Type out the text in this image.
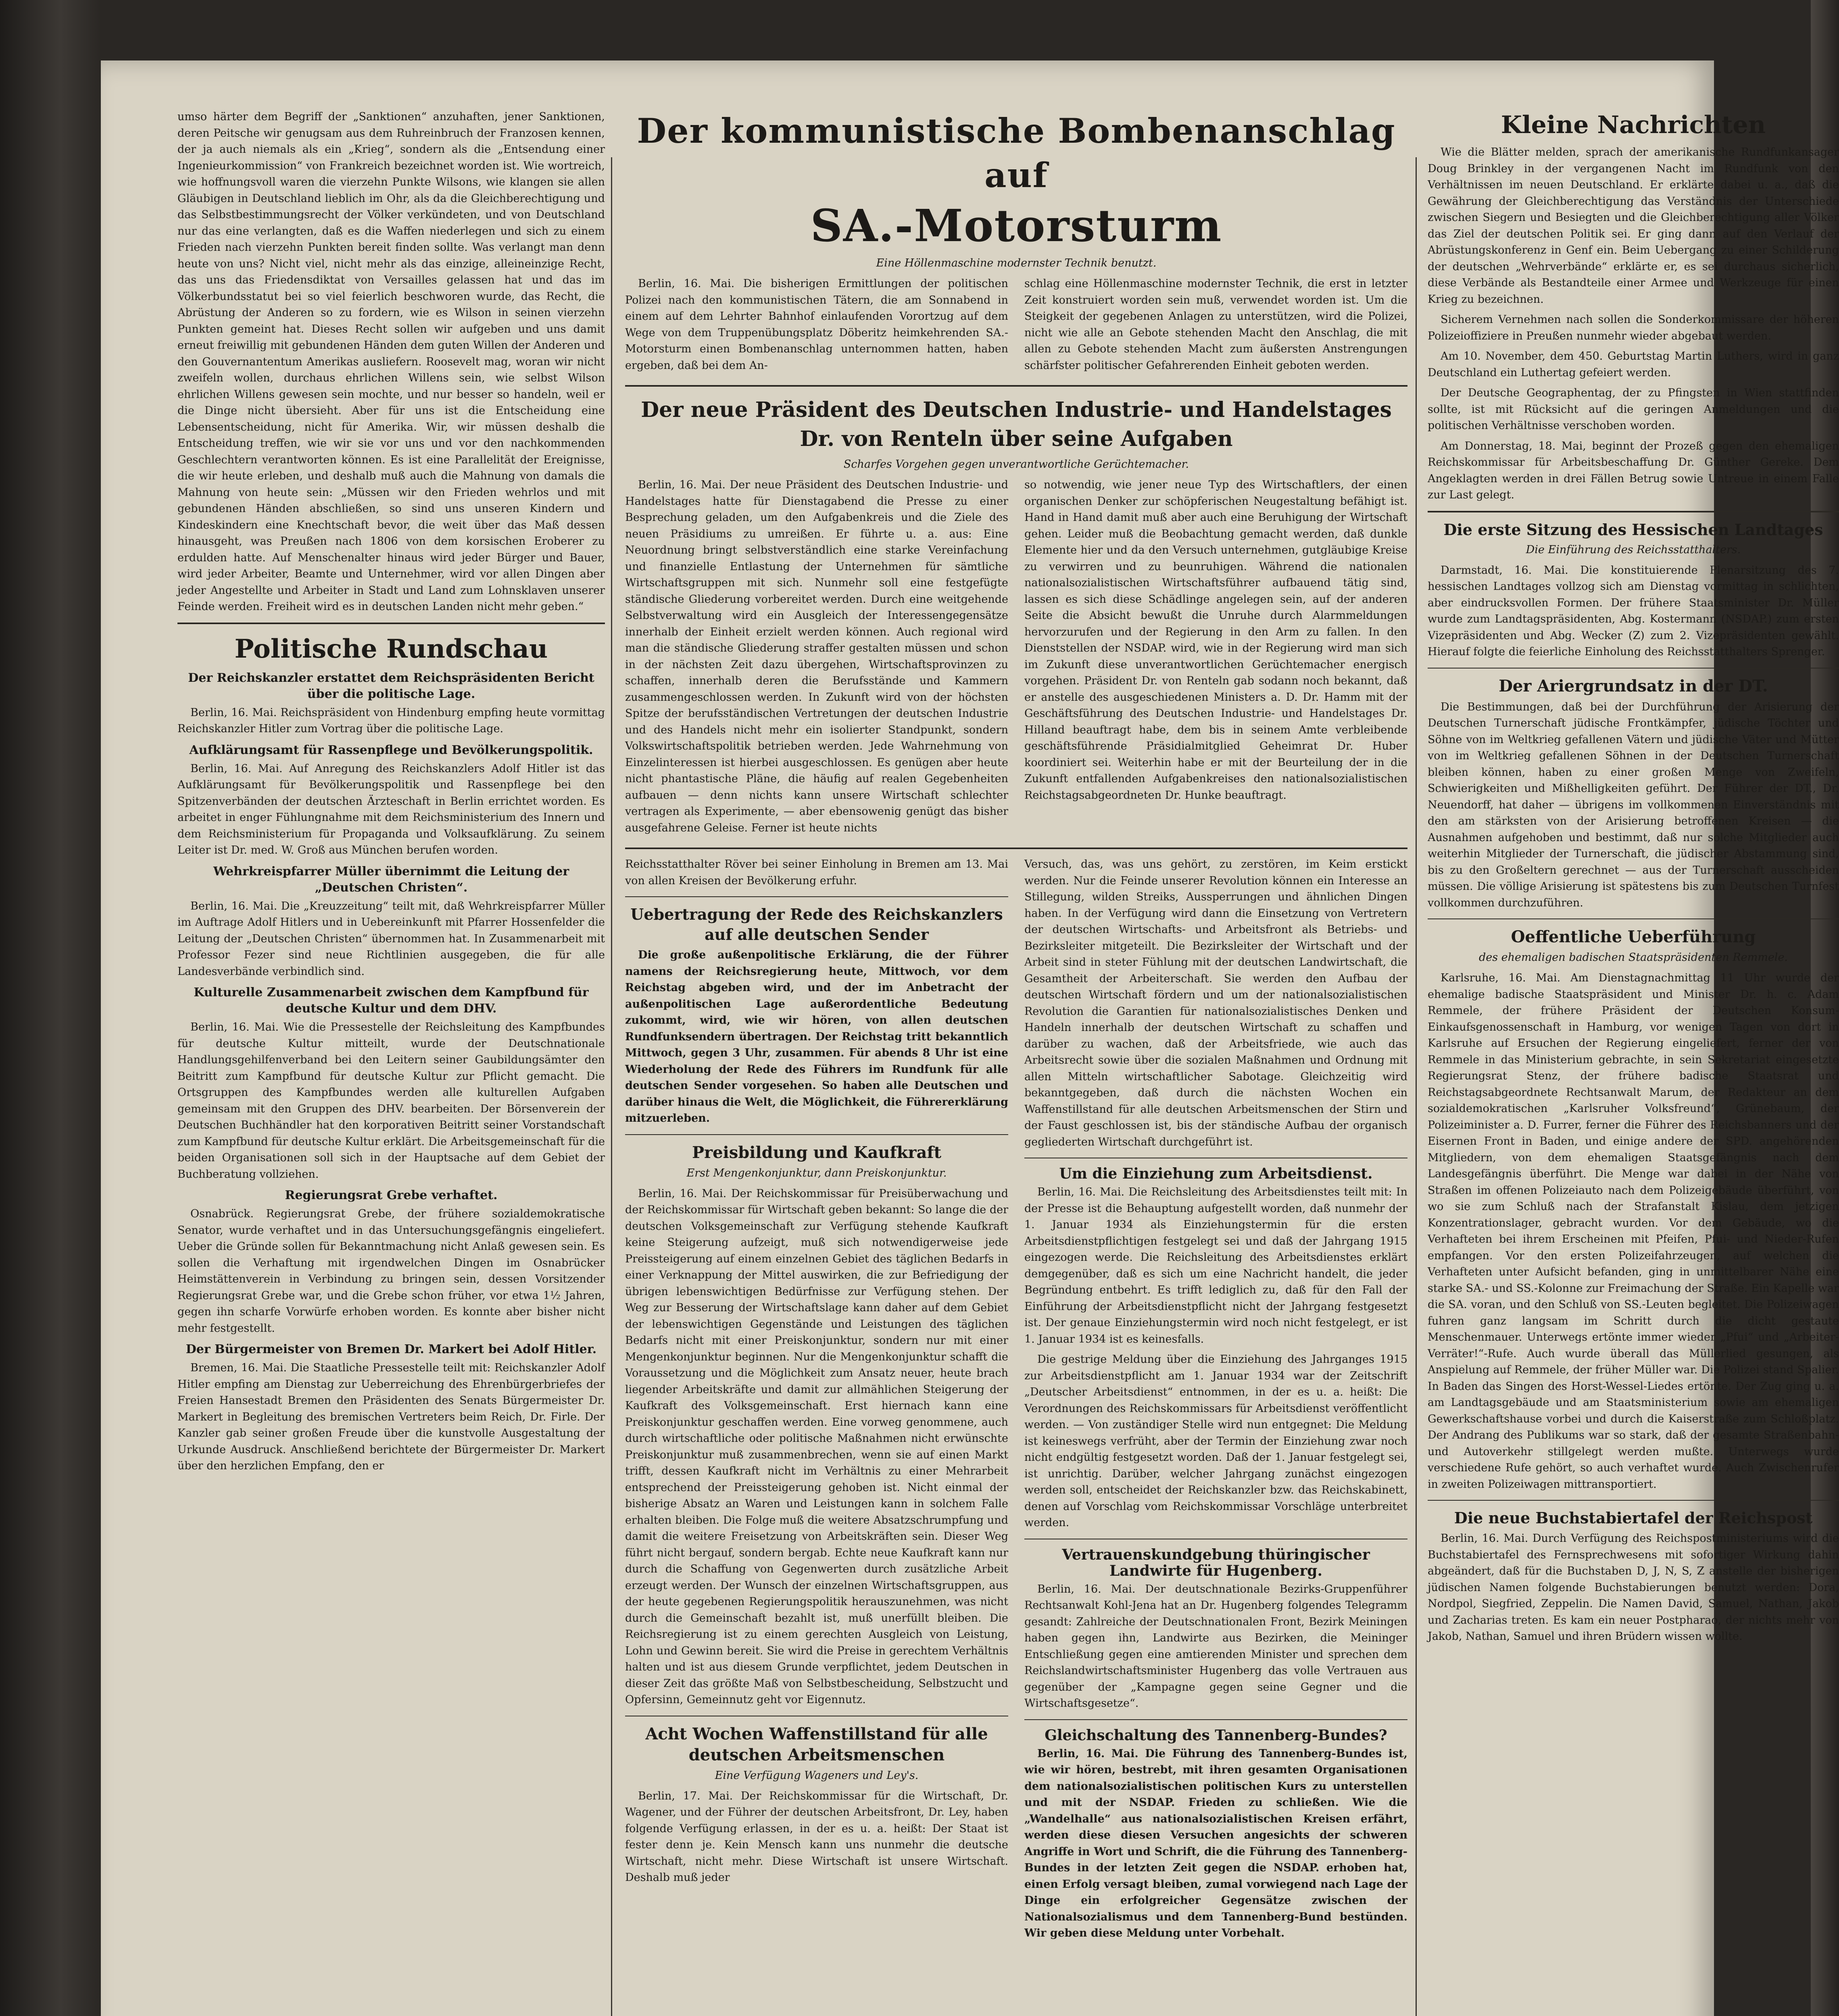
umso härter dem Begriff der „Sanktionen“ anzuhaften, jener Sanktionen, deren Peitsche wir genugsam aus dem Ruhreinbruch der Franzosen kennen, der ja auch niemals als ein „Krieg“, sondern als die „Entsendung einer Ingenieurkommission“ von Frankreich bezeichnet worden ist. Wie wortreich, wie hoffnungsvoll waren die vierzehn Punkte Wilsons, wie klangen sie allen Gläubigen in Deutschland lieblich im Ohr, als da die Gleichberechtigung und das Selbstbestimmungsrecht der Völker verkündeten, und von Deutschland nur das eine verlangten, daß es die Waffen niederlegen und sich zu einem Frieden nach vierzehn Punkten bereit finden sollte. Was verlangt man denn heute von uns? Nicht viel, nicht mehr als das einzige, alleineinzige Recht, das uns das Friedensdiktat von Versailles gelassen hat und das im Völkerbundsstatut bei so viel feierlich beschworen wurde, das Recht, die Abrüstung der Anderen so zu fordern, wie es Wilson in seinen vierzehn Punkten gemeint hat. Dieses Recht sollen wir aufgeben und uns damit erneut freiwillig mit gebundenen Händen dem guten Willen der Anderen und den Gouvernantentum Amerikas ausliefern. Roosevelt mag, woran wir nicht zweifeln wollen, durchaus ehrlichen Willens sein, wie selbst Wilson ehrlichen Willens gewesen sein mochte, und nur besser so handeln, weil er die Dinge nicht übersieht. Aber für uns ist die Entscheidung eine Lebensentscheidung, nicht für Amerika. Wir, wir müssen deshalb die Entscheidung treffen, wie wir sie vor uns und vor den nachkommenden Geschlechtern verantworten können. Es ist eine Parallelität der Ereignisse, die wir heute erleben, und deshalb muß auch die Mahnung von damals die Mahnung von heute sein: „Müssen wir den Frieden wehrlos und mit gebundenen Händen abschließen, so sind uns unseren Kindern und Kindeskindern eine Knechtschaft bevor, die weit über das Maß dessen hinausgeht, was Preußen nach 1806 von dem korsischen Eroberer zu erdulden hatte. Auf Menschenalter hinaus wird jeder Bürger und Bauer, wird jeder Arbeiter, Beamte und Unternehmer, wird vor allen Dingen aber jeder Angestellte und Arbeiter in Stadt und Land zum Lohnsklaven unserer Feinde werden. Freiheit wird es in deutschen Landen nicht mehr geben.“

Politische Rundschau
Der Reichskanzler erstattet dem Reichspräsidenten Bericht über die politische Lage.

Berlin, 16. Mai. Reichspräsident von Hindenburg empfing heute vormittag Reichskanzler Hitler zum Vortrag über die politische Lage.

Aufklärungsamt für Rassenpflege und Bevölkerungspolitik.

Berlin, 16. Mai. Auf Anregung des Reichskanzlers Adolf Hitler ist das Aufklärungsamt für Bevölkerungspolitik und Rassenpflege bei den Spitzenverbänden der deutschen Ärzteschaft in Berlin errichtet worden. Es arbeitet in enger Fühlungnahme mit dem Reichsministerium des Innern und dem Reichsministerium für Propaganda und Volksaufklärung. Zu seinem Leiter ist Dr. med. W. Groß aus München berufen worden.

Wehrkreispfarrer Müller übernimmt die Leitung der „Deutschen Christen“.

Berlin, 16. Mai. Die „Kreuzzeitung“ teilt mit, daß Wehrkreispfarrer Müller im Auftrage Adolf Hitlers und in Uebereinkunft mit Pfarrer Hossenfelder die Leitung der „Deutschen Christen“ übernommen hat. In Zusammenarbeit mit Professor Fezer sind neue Richtlinien ausgegeben, die für alle Landesverbände verbindlich sind.

Kulturelle Zusammenarbeit zwischen dem Kampfbund für deutsche Kultur und dem DHV.

Berlin, 16. Mai. Wie die Pressestelle der Reichsleitung des Kampfbundes für deutsche Kultur mitteilt, wurde der Deutschnationale Handlungsgehilfenverband bei den Leitern seiner Gaubildungsämter den Beitritt zum Kampfbund für deutsche Kultur zur Pflicht gemacht. Die Ortsgruppen des Kampfbundes werden alle kulturellen Aufgaben gemeinsam mit den Gruppen des DHV. bearbeiten. Der Börsenverein der Deutschen Buchhändler hat den korporativen Beitritt seiner Vorstandschaft zum Kampfbund für deutsche Kultur erklärt. Die Arbeitsgemeinschaft für die beiden Organisationen soll sich in der Hauptsache auf dem Gebiet der Buchberatung vollziehen.

Regierungsrat Grebe verhaftet.

Osnabrück. Regierungsrat Grebe, der frühere sozialdemokratische Senator, wurde verhaftet und in das Untersuchungsgefängnis eingeliefert. Ueber die Gründe sollen für Bekanntmachung nicht Anlaß gewesen sein. Es sollen die Verhaftung mit irgendwelchen Dingen im Osnabrücker Heimstättenverein in Verbindung zu bringen sein, dessen Vorsitzender Regierungsrat Grebe war, und die Grebe schon früher, vor etwa 1½ Jahren, gegen ihn scharfe Vorwürfe erhoben worden. Es konnte aber bisher nicht mehr festgestellt.

Der Bürgermeister von Bremen Dr. Markert bei Adolf Hitler.

Bremen, 16. Mai. Die Staatliche Pressestelle teilt mit: Reichskanzler Adolf Hitler empfing am Dienstag zur Ueberreichung des Ehrenbürgerbriefes der Freien Hansestadt Bremen den Präsidenten des Senats Bürgermeister Dr. Markert in Begleitung des bremischen Vertreters beim Reich, Dr. Firle. Der Kanzler gab seiner großen Freude über die kunstvolle Ausgestaltung der Urkunde Ausdruck. Anschließend berichtete der Bürgermeister Dr. Markert über den herzlichen Empfang, den er

Der kommunistische Bombenanschlag auf
SA.-Motorsturm
Eine Höllenmaschine modernster Technik benutzt.

Berlin, 16. Mai. Die bisherigen Ermittlungen der politischen Polizei nach den kommunistischen Tätern, die am Sonnabend in einem auf dem Lehrter Bahnhof einlaufenden Vorortzug auf dem Wege von dem Truppenübungsplatz Döberitz heimkehrenden SA.-Motorsturm einen Bombenanschlag unternommen hatten, haben ergeben, daß bei dem An-

schlag eine Höllenmaschine modernster Technik, die erst in letzter Zeit konstruiert worden sein muß, verwendet worden ist. Um die Steigkeit der gegebenen Anlagen zu unterstützen, wird die Polizei, nicht wie alle an Gebote stehenden Macht den Anschlag, die mit allen zu Gebote stehenden Macht zum äußersten Anstrengungen schärfster politischer Gefahrerenden Einheit geboten werden.

Der neue Präsident des Deutschen Industrie- und Handelstages Dr. von Renteln über seine Aufgaben
Scharfes Vorgehen gegen unverantwortliche Gerüchtemacher.

Berlin, 16. Mai. Der neue Präsident des Deutschen Industrie- und Handelstages hatte für Dienstagabend die Presse zu einer Besprechung geladen, um den Aufgabenkreis und die Ziele des neuen Präsidiums zu umreißen. Er führte u. a. aus: Eine Neuordnung bringt selbstverständlich eine starke Vereinfachung und finanzielle Entlastung der Unternehmen für sämtliche Wirtschaftsgruppen mit sich. Nunmehr soll eine festgefügte ständische Gliederung vorbereitet werden. Durch eine weitgehende Selbstverwaltung wird ein Ausgleich der Interessengegensätze innerhalb der Einheit erzielt werden können. Auch regional wird man die ständische Gliederung straffer gestalten müssen und schon in der nächsten Zeit dazu übergehen, Wirtschaftsprovinzen zu schaffen, innerhalb deren die Berufsstände und Kammern zusammengeschlossen werden. In Zukunft wird von der höchsten Spitze der berufsständischen Vertretungen der deutschen Industrie und des Handels nicht mehr ein isolierter Standpunkt, sondern Volkswirtschaftspolitik betrieben werden. Jede Wahrnehmung von Einzelinteressen ist hierbei ausgeschlossen. Es genügen aber heute nicht phantastische Pläne, die häufig auf realen Gegebenheiten aufbauen — denn nichts kann unsere Wirtschaft schlechter vertragen als Experimente, — aber ebensowenig genügt das bisher ausgefahrene Geleise. Ferner ist heute nichts

so notwendig, wie jener neue Typ des Wirtschaftlers, der einen organischen Denker zur schöpferischen Neugestaltung befähigt ist. Hand in Hand damit muß aber auch eine Beruhigung der Wirtschaft gehen. Leider muß die Beobachtung gemacht werden, daß dunkle Elemente hier und da den Versuch unternehmen, gutgläubige Kreise zu verwirren und zu beunruhigen. Während die nationalen nationalsozialistischen Wirtschaftsführer aufbauend tätig sind, lassen es sich diese Schädlinge angelegen sein, auf der anderen Seite die Absicht bewußt die Unruhe durch Alarmmeldungen hervorzurufen und der Regierung in den Arm zu fallen. In den Dienststellen der NSDAP. wird, wie in der Regierung wird man sich im Zukunft diese unverantwortlichen Gerüchtemacher energisch vorgehen. Präsident Dr. von Renteln gab sodann noch bekannt, daß er anstelle des ausgeschiedenen Ministers a. D. Dr. Hamm mit der Geschäftsführung des Deutschen Industrie- und Handelstages Dr. Hilland beauftragt habe, dem bis in seinem Amte verbleibende geschäftsführende Präsidialmitglied Geheimrat Dr. Huber koordiniert sei. Weiterhin habe er mit der Beurteilung der in die Zukunft entfallenden Aufgabenkreises den nationalsozialistischen Reichstagsabgeordneten Dr. Hunke beauftragt.

Reichsstatthalter Röver bei seiner Einholung in Bremen am 13. Mai von allen Kreisen der Bevölkerung erfuhr.

Uebertragung der Rede des Reichskanzlers auf alle deutschen Sender

Die große außenpolitische Erklärung, die der Führer namens der Reichsregierung heute, Mittwoch, vor dem Reichstag abgeben wird, und der im Anbetracht der außenpolitischen Lage außerordentliche Bedeutung zukommt, wird, wie wir hören, von allen deutschen Rundfunksendern übertragen. Der Reichstag tritt bekanntlich Mittwoch, gegen 3 Uhr, zusammen. Für abends 8 Uhr ist eine Wiederholung der Rede des Führers im Rundfunk für alle deutschen Sender vorgesehen. So haben alle Deutschen und darüber hinaus die Welt, die Möglichkeit, die Führererklärung mitzuerleben.

Preisbildung und Kaufkraft
Erst Mengenkonjunktur, dann Preiskonjunktur.

Berlin, 16. Mai. Der Reichskommissar für Preisüberwachung und der Reichskommissar für Wirtschaft geben bekannt: So lange die der deutschen Volksgemeinschaft zur Verfügung stehende Kaufkraft keine Steigerung aufzeigt, muß sich notwendigerweise jede Preissteigerung auf einem einzelnen Gebiet des täglichen Bedarfs in einer Verknappung der Mittel auswirken, die zur Befriedigung der übrigen lebenswichtigen Bedürfnisse zur Verfügung stehen. Der Weg zur Besserung der Wirtschaftslage kann daher auf dem Gebiet der lebenswichtigen Gegenstände und Leistungen des täglichen Bedarfs nicht mit einer Preiskonjunktur, sondern nur mit einer Mengenkonjunktur beginnen. Nur die Mengenkonjunktur schafft die Voraussetzung und die Möglichkeit zum Ansatz neuer, heute brach liegender Arbeitskräfte und damit zur allmählichen Steigerung der Kaufkraft des Volksgemeinschaft. Erst hiernach kann eine Preiskonjunktur geschaffen werden. Eine vorweg genommene, auch durch wirtschaftliche oder politische Maßnahmen nicht erwünschte Preiskonjunktur muß zusammenbrechen, wenn sie auf einen Markt trifft, dessen Kaufkraft nicht im Verhältnis zu einer Mehrarbeit entsprechend der Preissteigerung gehoben ist. Nicht einmal der bisherige Absatz an Waren und Leistungen kann in solchem Falle erhalten bleiben. Die Folge muß die weitere Absatzschrumpfung und damit die weitere Freisetzung von Arbeitskräften sein. Dieser Weg führt nicht bergauf, sondern bergab. Echte neue Kaufkraft kann nur durch die Schaffung von Gegenwerten durch zusätzliche Arbeit erzeugt werden. Der Wunsch der einzelnen Wirtschaftsgruppen, aus der heute gegebenen Regierungspolitik herauszunehmen, was nicht durch die Gemeinschaft bezahlt ist, muß unerfüllt bleiben. Die Reichsregierung ist zu einem gerechten Ausgleich von Leistung, Lohn und Gewinn bereit. Sie wird die Preise in gerechtem Verhältnis halten und ist aus diesem Grunde verpflichtet, jedem Deutschen in dieser Zeit das größte Maß von Selbstbescheidung, Selbstzucht und Opfersinn, Gemeinnutz geht vor Eigennutz.

Acht Wochen Waffenstillstand für alle deutschen Arbeitsmenschen
Eine Verfügung Wageners und Ley's.

Berlin, 17. Mai. Der Reichskommissar für die Wirtschaft, Dr. Wagener, und der Führer der deutschen Arbeitsfront, Dr. Ley, haben folgende Verfügung erlassen, in der es u. a. heißt: Der Staat ist fester denn je. Kein Mensch kann uns nunmehr die deutsche Wirtschaft, nicht mehr. Diese Wirtschaft ist unsere Wirtschaft. Deshalb muß jeder

Versuch, das, was uns gehört, zu zerstören, im Keim erstickt werden. Nur die Feinde unserer Revolution können ein Interesse an Stillegung, wilden Streiks, Aussperrungen und ähnlichen Dingen haben. In der Verfügung wird dann die Einsetzung von Vertretern der deutschen Wirtschafts- und Arbeitsfront als Betriebs- und Bezirksleiter mitgeteilt. Die Bezirksleiter der Wirtschaft und der Arbeit sind in steter Fühlung mit der deutschen Landwirtschaft, die Gesamtheit der Arbeiterschaft. Sie werden den Aufbau der deutschen Wirtschaft fördern und um der nationalsozialistischen Revolution die Garantien für nationalsozialistisches Denken und Handeln innerhalb der deutschen Wirtschaft zu schaffen und darüber zu wachen, daß der Arbeitsfriede, wie auch das Arbeitsrecht sowie über die sozialen Maßnahmen und Ordnung mit allen Mitteln wirtschaftlicher Sabotage. Gleichzeitig wird bekanntgegeben, daß durch die nächsten Wochen ein Waffenstillstand für alle deutschen Arbeitsmenschen der Stirn und der Faust geschlossen ist, bis der ständische Aufbau der organisch gegliederten Wirtschaft durchgeführt ist.

Um die Einziehung zum Arbeitsdienst.

Berlin, 16. Mai. Die Reichsleitung des Arbeitsdienstes teilt mit: In der Presse ist die Behauptung aufgestellt worden, daß nunmehr der 1. Januar 1934 als Einziehungstermin für die ersten Arbeitsdienstpflichtigen festgelegt sei und daß der Jahrgang 1915 eingezogen werde. Die Reichsleitung des Arbeitsdienstes erklärt demgegenüber, daß es sich um eine Nachricht handelt, die jeder Begründung entbehrt. Es trifft lediglich zu, daß für den Fall der Einführung der Arbeitsdienstpflicht nicht der Jahrgang festgesetzt ist. Der genaue Einziehungstermin wird noch nicht festgelegt, er ist 1. Januar 1934 ist es keinesfalls.

Die gestrige Meldung über die Einziehung des Jahrganges 1915 zur Arbeitsdienstpflicht am 1. Januar 1934 war der Zeitschrift „Deutscher Arbeitsdienst“ entnommen, in der es u. a. heißt: Die Verordnungen des Reichskommissars für Arbeitsdienst veröffentlicht werden. — Von zuständiger Stelle wird nun entgegnet: Die Meldung ist keineswegs verfrüht, aber der Termin der Einziehung zwar noch nicht endgültig festgesetzt worden. Daß der 1. Januar festgelegt sei, ist unrichtig. Darüber, welcher Jahrgang zunächst eingezogen werden soll, entscheidet der Reichskanzler bzw. das Reichskabinett, denen auf Vorschlag vom Reichskommissar Vorschläge unterbreitet werden.

Vertrauenskundgebung thüringischer Landwirte für Hugenberg.

Berlin, 16. Mai. Der deutschnationale Bezirks-Gruppenführer Rechtsanwalt Kohl-Jena hat an Dr. Hugenberg folgendes Telegramm gesandt: Zahlreiche der Deutschnationalen Front, Bezirk Meiningen haben gegen ihn, Landwirte aus Bezirken, die Meininger Entschließung gegen eine amtierenden Minister und sprechen dem Reichslandwirtschaftsminister Hugenberg das volle Vertrauen aus gegenüber der „Kampagne gegen seine Gegner und die Wirtschaftsgesetze“.

Gleichschaltung des Tannenberg-Bundes?

Berlin, 16. Mai. Die Führung des Tannenberg-Bundes ist, wie wir hören, bestrebt, mit ihren gesamten Organisationen dem nationalsozialistischen politischen Kurs zu unterstellen und mit der NSDAP. Frieden zu schließen. Wie die „Wandelhalle“ aus nationalsozialistischen Kreisen erfährt, werden diese diesen Versuchen angesichts der schweren Angriffe in Wort und Schrift, die die Führung des Tannenberg-Bundes in der letzten Zeit gegen die NSDAP. erhoben hat, einen Erfolg versagt bleiben, zumal vorwiegend nach Lage der Dinge ein erfolgreicher Gegensätze zwischen der Nationalsozialismus und dem Tannenberg-Bund bestünden. Wir geben diese Meldung unter Vorbehalt.

Kleine Nachrichten

Wie die Blätter melden, sprach der amerikanische Rundfunkansager Doug Brinkley in der vergangenen Nacht im Rundfunk von den Verhältnissen im neuen Deutschland. Er erklärte dabei u. a., daß die Gewährung der Gleichberechtigung das Verständnis der Unterschiede zwischen Siegern und Besiegten und die Gleichberechtigung aller Völker das Ziel der deutschen Politik sei. Er ging dann auf den Verlauf der Abrüstungskonferenz in Genf ein. Beim Uebergang zu einer Schilderung der deutschen „Wehrverbände“ erklärte er, es sei durchaus sicherlich, diese Verbände als Bestandteile einer Armee und Werkzeuge für einen Krieg zu bezeichnen.

Sicherem Vernehmen nach sollen die Sonderkommissare der höheren Polizeioffiziere in Preußen nunmehr wieder abgebaut werden.

Am 10. November, dem 450. Geburtstag Martin Luthers, wird in ganz Deutschland ein Luthertag gefeiert werden.

Der Deutsche Geographentag, der zu Pfingsten in Wien stattfinden sollte, ist mit Rücksicht auf die geringen Anmeldungen und die politischen Verhältnisse verschoben worden.

Am Donnerstag, 18. Mai, beginnt der Prozeß gegen den ehemaligen Reichskommissar für Arbeitsbeschaffung Dr. Günther Gereke. Dem Angeklagten werden in drei Fällen Betrug sowie Untreue in einem Falle zur Last gelegt.

Die erste Sitzung des Hessischen Landtages
Die Einführung des Reichsstatthalters.

Darmstadt, 16. Mai. Die konstituierende Plenarsitzung des 7. hessischen Landtages vollzog sich am Dienstag vormittag in schlichten, aber eindrucksvollen Formen. Der frühere Staatsminister Dr. Müller wurde zum Landtagspräsidenten, Abg. Kostermann (NSDAP.) zum ersten Vizepräsidenten und Abg. Wecker (Z) zum 2. Vizepräsidenten gewählt. Hierauf folgte die feierliche Einholung des Reichsstatthalters Sprenger.

Der Ariergrundsatz in der DT.

Die Bestimmungen, daß bei der Durchführung der Arisierung der Deutschen Turnerschaft jüdische Frontkämpfer, jüdische Töchter und Söhne von im Weltkrieg gefallenen Vätern und jüdische Väter und Mütter von im Weltkrieg gefallenen Söhnen in der Deutschen Turnerschaft bleiben können, haben zu einer großen Menge von Zweifeln, Schwierigkeiten und Mißhelligkeiten geführt. Der Führer der DT., Dr. Neuendorff, hat daher — übrigens im vollkommenen Einverständnis mit den am stärksten von der Arisierung betroffenen Kreisen — die Ausnahmen aufgehoben und bestimmt, daß nur solche Mitglieder auch weiterhin Mitglieder der Turnerschaft, die jüdischer Abstammung sind, bis zu den Großeltern gerechnet — aus der Turnerschaft ausscheiden müssen. Die völlige Arisierung ist spätestens bis zum Deutschen Turnfest vollkommen durchzuführen.

Oeffentliche Ueberführung
des ehemaligen badischen Staatspräsidenten Remmele.

Karlsruhe, 16. Mai. Am Dienstagnachmittag 11 Uhr wurde der ehemalige badische Staatspräsident und Minister Dr. h. c. Adam Remmele, der frühere Präsident der Deutschen Konsum-Einkaufsgenossenschaft in Hamburg, vor wenigen Tagen von dort in Karlsruhe auf Ersuchen der Regierung eingeliefert, ferner der von Remmele in das Ministerium gebrachte, in sein Sekretariat eingesetzte Regierungsrat Stenz, der frühere badische Staatsrat und Reichstagsabgeordnete Rechtsanwalt Marum, der Redakteur an dem sozialdemokratischen „Karlsruher Volksfreund“, Grünebaum, der Polizeiminister a. D. Furrer, ferner die Führer des Reichsbanners und der Eisernen Front in Baden, und einige andere der SPD. angehörenden Mitgliedern, von dem ehemaligen Staatsgefängnis nach dem Landesgefängnis überführt. Die Menge war dabei in der Nähe von Straßen im offenen Polizeiauto nach dem Polizeigebäude überführt, von wo sie zum Schluß nach der Strafanstalt Kislau, dem jetzigen Konzentrationslager, gebracht wurden. Vor dem Gebäude, wo die Verhafteten bei ihrem Erscheinen mit Pfeifen, Pfui- und Nieder-Rufen empfangen. Vor den ersten Polizeifahrzeugen, auf welchen die Verhafteten unter Aufsicht befanden, ging in unmittelbarer Nähe eine starke SA.- und SS.-Kolonne zur Freimachung der Straße. Ein Kapelle war die SA. voran, und den Schluß von SS.-Leuten begleitet. Die Polizeiwagen fuhren ganz langsam im Schritt durch die dicht gestaute Menschenmauer. Unterwegs ertönte immer wieder „Pfui“ und „Arbeiter-Verräter!“-Rufe. Auch wurde überall das Müllerlied gesungen, als Anspielung auf Remmele, der früher Müller war. Die Polizei stand Spalier. In Baden das Singen des Horst-Wessel-Liedes ertönte. Der Zug ging u. a. am Landtagsgebäude und am Staatsministerium sowie am ehemaligen Gewerkschaftshause vorbei und durch die Kaiserstraße zum Schloßplatz. Der Andrang des Publikums war so stark, daß der gesamte Straßenbahn- und Autoverkehr stillgelegt werden mußte. Unterwegs wurde verschiedene Rufe gehört, so auch verhaftet wurde. Auch Zwischenrufer in zweiten Polizeiwagen mittransportiert.

Die neue Buchstabiertafel der Reichspost

Berlin, 16. Mai. Durch Verfügung des Reichspostministeriums wird die Buchstabiertafel des Fernsprechwesens mit sofortiger Wirkung dahin abgeändert, daß für die Buchstaben D, J, N, S, Z anstelle der bisherigen jüdischen Namen folgende Buchstabierungen benutzt werden: Dora, Nordpol, Siegfried, Zeppelin. Die Namen David, Samuel, Nathan, Jakob und Zacharias treten. Es kam ein neuer Postpharao, der nichts mehr von Jakob, Nathan, Samuel und ihren Brüdern wissen wollte.
